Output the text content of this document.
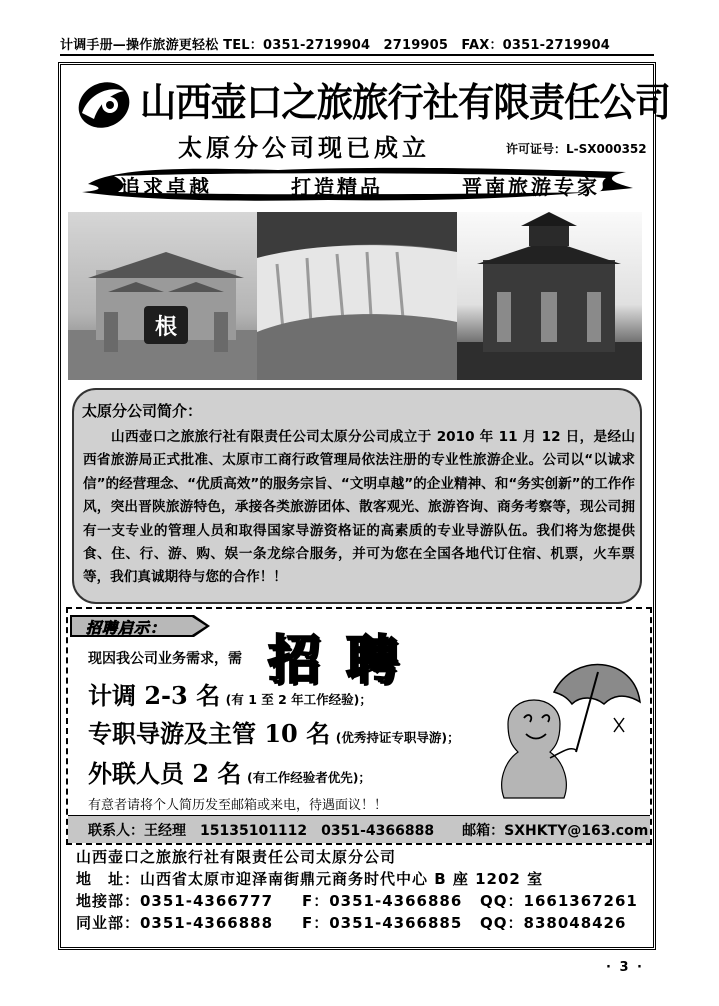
计调手册—操作旅游更轻松 TEL：0351-2719904　2719905　FAX：0351-2719904
山西壶口之旅旅行社有限责任公司
太原分公司现已成立	许可证号：L-SX000352
追求卓越	打造精品	晋南旅游专家
根
太原分公司简介：
山西壶口之旅旅行社有限责任公司太原分公司成立于 2010 年 11 月 12 日，是经山西省旅游局正式批准、太原市工商行政管理局依法注册的专业性旅游企业。公司以“以诚求信”的经营理念、“优质高效”的服务宗旨、“文明卓越”的企业精神、和“务实创新”的工作作风，突出晋陕旅游特色，承接各类旅游团体、散客观光、旅游咨询、商务考察等，现公司拥有一支专业的管理人员和取得国家导游资格证的高素质的专业导游队伍。我们将为您提供食、住、行、游、购、娱一条龙综合服务，并可为您在全国各地代订住宿、机票，火车票等，我们真诚期待与您的合作！！
招聘启示：
现因我公司业务需求，需 招聘
计调 2-3 名 (有 1 至 2 年工作经验)；
专职导游及主管 10 名 (优秀持证专职导游)；
外联人员 2 名 (有工作经验者优先)；
有意者请将个人简历发至邮箱或来电，待遇面议！！
联系人：王经理　15135101112　0351-4366888　　邮箱：SXHKTY@163.com
山西壶口之旅旅行社有限责任公司太原分公司
地　址：山西省太原市迎泽南街鼎元商务时代中心 B 座 1202 室
地接部：0351-4366777 F：0351-4366886 QQ：1661367261
同业部：0351-4366888 F：0351-4366885 QQ：838048426
· 3 ·
